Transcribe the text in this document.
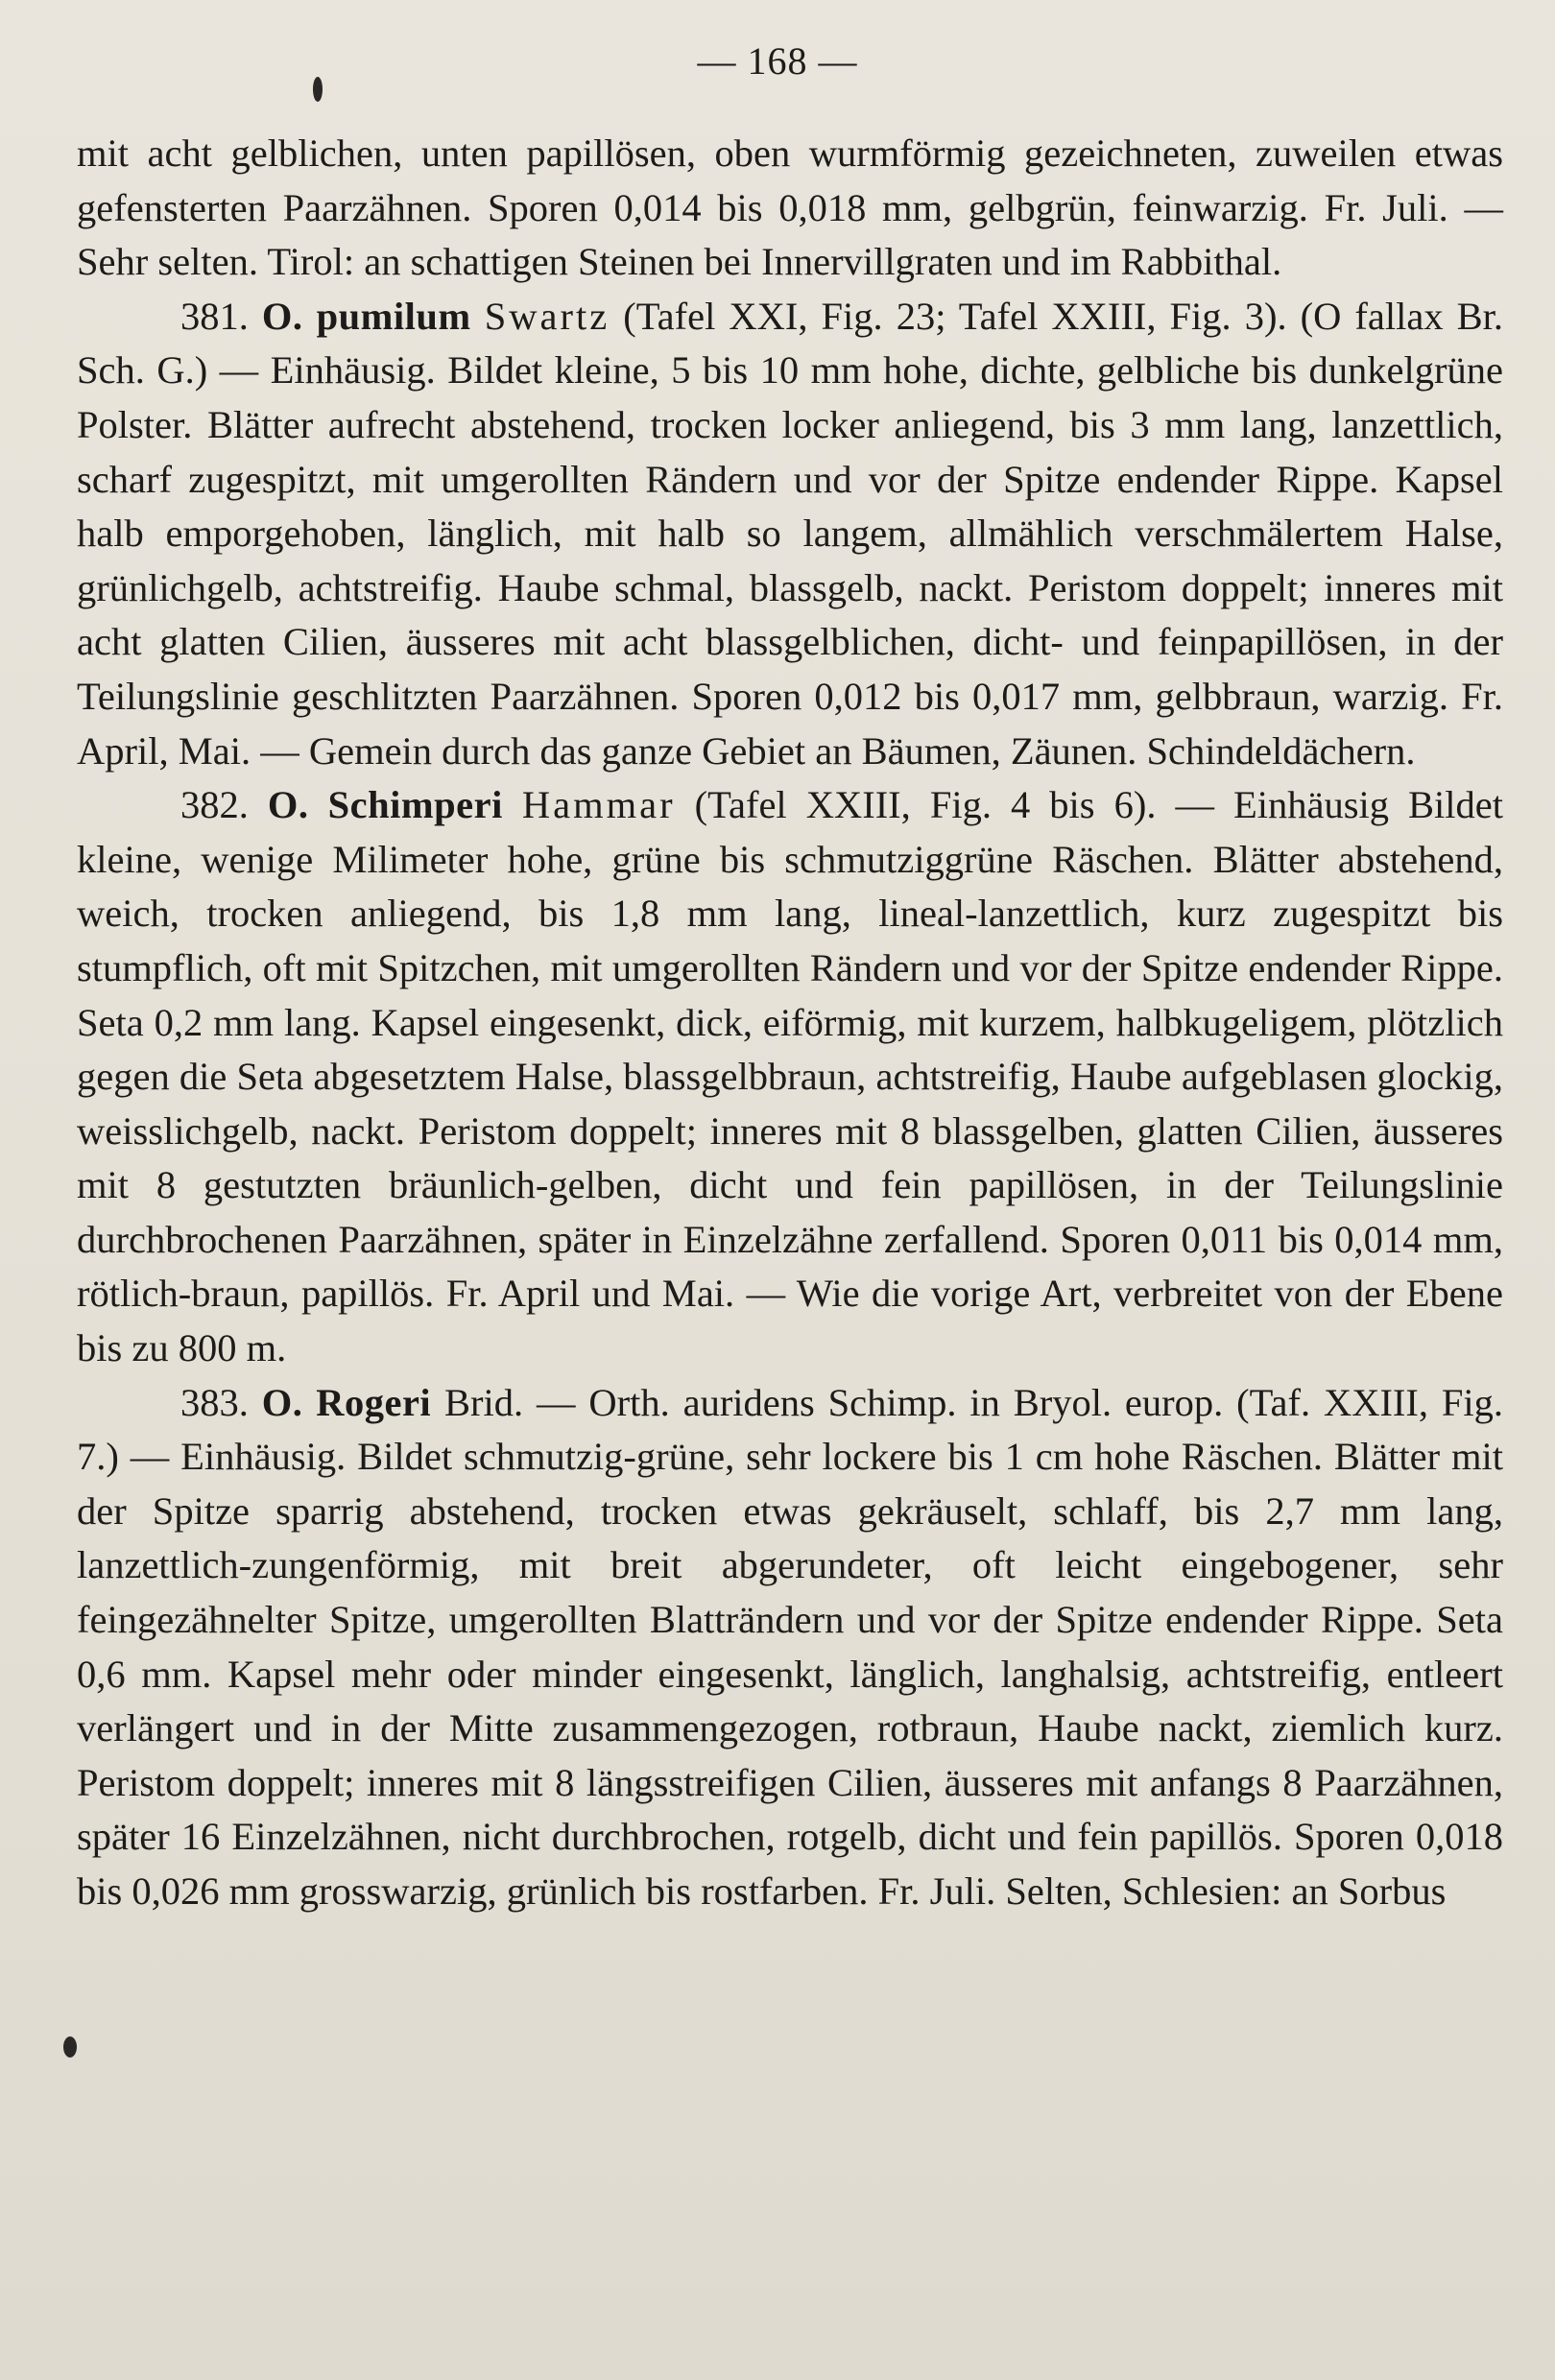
— 168 —

mit acht gelblichen, unten papillösen, oben wurmförmig gezeichneten, zuweilen etwas gefensterten Paarzähnen. Sporen 0,014 bis 0,018 mm, gelbgrün, feinwarzig. Fr. Juli. — Sehr selten. Tirol: an schattigen Steinen bei Innervillgraten und im Rabbithal.

381. O. pumilum Swartz (Tafel XXI, Fig. 23; Tafel XXIII, Fig. 3). (O fallax Br. Sch. G.) — Einhäusig. Bildet kleine, 5 bis 10 mm hohe, dichte, gelbliche bis dunkelgrüne Polster. Blätter aufrecht abstehend, trocken locker anliegend, bis 3 mm lang, lanzettlich, scharf zugespitzt, mit umgerollten Rändern und vor der Spitze endender Rippe. Kapsel halb emporgehoben, länglich, mit halb so langem, allmählich verschmälertem Halse, grünlichgelb, achtstreifig. Haube schmal, blassgelb, nackt. Peristom doppelt; inneres mit acht glatten Cilien, äusseres mit acht blassgelblichen, dicht- und feinpapillösen, in der Teilungslinie geschlitzten Paarzähnen. Sporen 0,012 bis 0,017 mm, gelbbraun, warzig. Fr. April, Mai. — Gemein durch das ganze Gebiet an Bäumen, Zäunen. Schindeldächern.

382. O. Schimperi Hammar (Tafel XXIII, Fig. 4 bis 6). — Einhäusig Bildet kleine, wenige Milimeter hohe, grüne bis schmutziggrüne Räschen. Blätter abstehend, weich, trocken anliegend, bis 1,8 mm lang, lineal-lanzettlich, kurz zugespitzt bis stumpflich, oft mit Spitzchen, mit umgerollten Rändern und vor der Spitze endender Rippe. Seta 0,2 mm lang. Kapsel eingesenkt, dick, eiförmig, mit kurzem, halbkugeligem, plötzlich gegen die Seta abgesetztem Halse, blassgelbbraun, achtstreifig, Haube aufgeblasen glockig, weisslichgelb, nackt. Peristom doppelt; inneres mit 8 blassgelben, glatten Cilien, äusseres mit 8 gestutzten bräunlich-gelben, dicht und fein papillösen, in der Teilungslinie durchbrochenen Paarzähnen, später in Einzelzähne zerfallend. Sporen 0,011 bis 0,014 mm, rötlich-braun, papillös. Fr. April und Mai. — Wie die vorige Art, verbreitet von der Ebene bis zu 800 m.

383. O. Rogeri Brid. — Orth. auridens Schimp. in Bryol. europ. (Taf. XXIII, Fig. 7.) — Einhäusig. Bildet schmutzig-grüne, sehr lockere bis 1 cm hohe Räschen. Blätter mit der Spitze sparrig abstehend, trocken etwas gekräuselt, schlaff, bis 2,7 mm lang, lanzettlich-zungenförmig, mit breit abgerundeter, oft leicht eingebogener, sehr feingezähnelter Spitze, umgerollten Blatträndern und vor der Spitze endender Rippe. Seta 0,6 mm. Kapsel mehr oder minder eingesenkt, länglich, langhalsig, achtstreifig, entleert verlängert und in der Mitte zusammengezogen, rotbraun, Haube nackt, ziemlich kurz. Peristom doppelt; inneres mit 8 längsstreifigen Cilien, äusseres mit anfangs 8 Paarzähnen, später 16 Einzelzähnen, nicht durchbrochen, rotgelb, dicht und fein papillös. Sporen 0,018 bis 0,026 mm grosswarzig, grünlich bis rostfarben. Fr. Juli. Selten, Schlesien: an Sorbus
